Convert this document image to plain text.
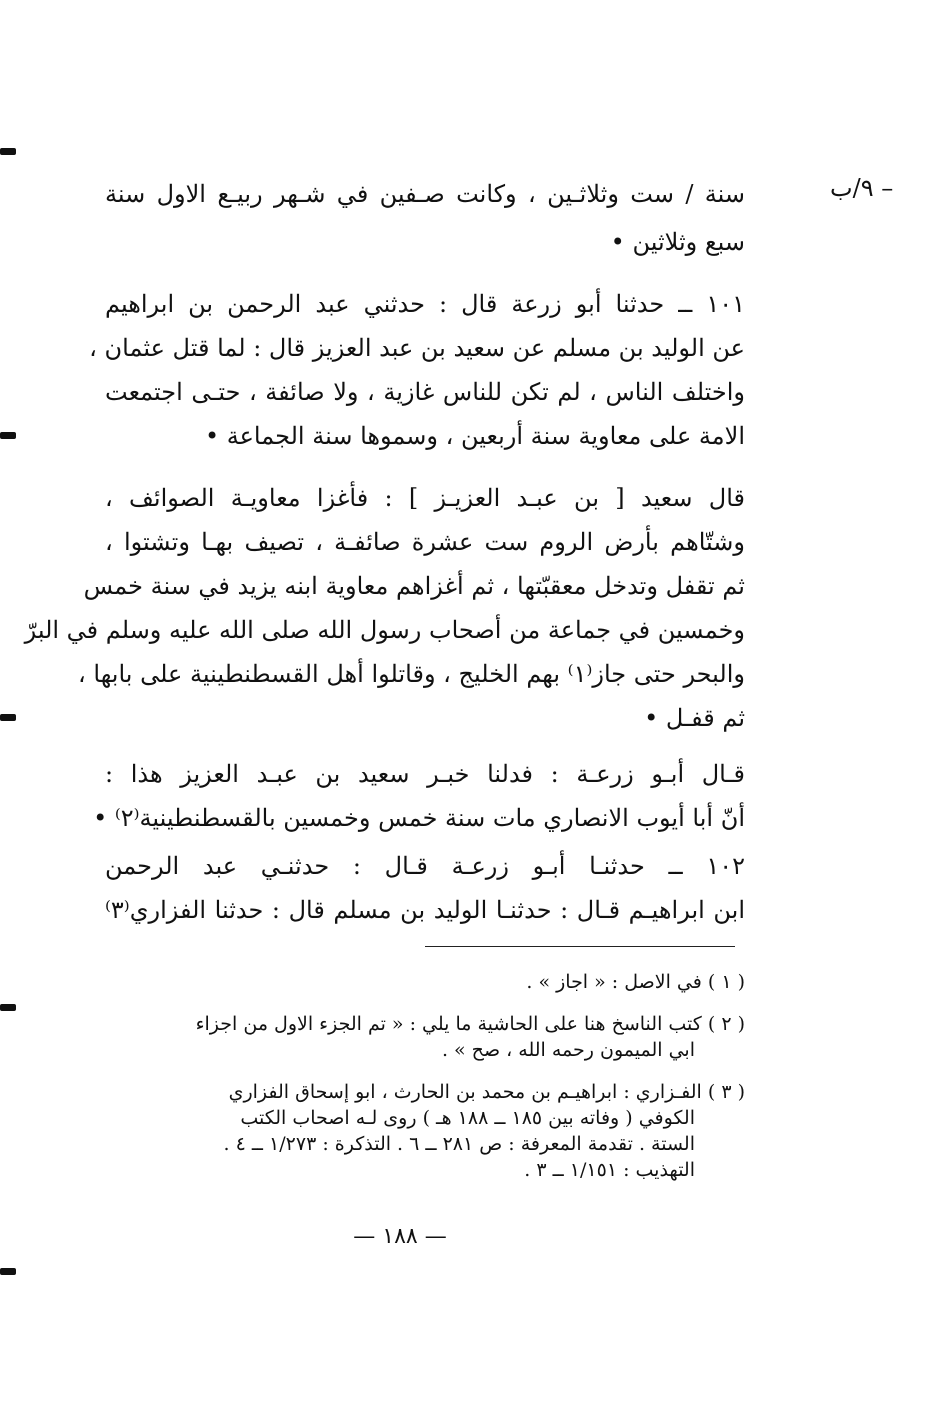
٩/ب –
سنة / ست وثلاثـين ، وكانت صـفين في شـهر ربيـع الاول سنة
سبع وثلاثين •
١٠١ ــ حدثنا أبو زرعة قال : حدثني عبد الرحمن بن ابراهيم
عن الوليد بن مسلم عن سعيد بن عبد العزيز قال : لما قتل عثمان ،
واختلف الناس ، لم تكن للناس غازية ، ولا صائفة ، حتـى اجتمعت
الامة على معاوية سنة أربعين ، وسموها سنة الجماعة •
قال سعيد [ بن عبـد العزيـز ] : فأغزا معاويـة الصوائف ،
وشتّاهم بأرض الروم ست عشرة صائفـة ، تصيف بهـا وتشتوا ،
ثم تقفل وتدخل معقبّتها ، ثم أغزاهم معاوية ابنه يزيد في سنة خمس
وخمسين في جماعة من أصحاب رسول الله صلى الله عليه وسلم في البرّ
والبحر حتى جاز⁽١⁾ بهم الخليج ، وقاتلوا أهل القسطنطينية على بابها ،
ثم قفـل •
قـال أبـو زرعـة : فدلنا خبـر سعيد بن عبـد العزيز هذا :
أنّ أبا أيوب الانصاري مات سنة خمس وخمسين بالقسطنطينية⁽٢⁾ •
١٠٢ ــ حدثنـا أبـو زرعـة قـال : حدثنـي عبد الرحمن
ابن ابراهيـم قـال : حدثنـا الوليد بن مسلم قال : حدثنا الفزاري⁽٣⁾
( ١ ) في الاصل : « اجاز » .
( ٢ ) كتب الناسخ هنا على الحاشية ما يلي : « تم الجزء الاول من اجزاء
ابي الميمون رحمه الله ، صح » .
( ٣ ) الفـزاري : ابراهيـم بن محمد بن الحارث ، ابو إسحاق الفزاري
الكوفي ( وفاته بين ١٨٥ ــ ١٨٨ هـ ) روى لـه اصحاب الكتب
الستة . تقدمة المعرفة : ص ٢٨١ ــ ٦ . التذكرة : ١/٢٧٣ ــ ٤ .
التهذيب : ١/١٥١ ــ ٣ .
— ١٨٨ —
